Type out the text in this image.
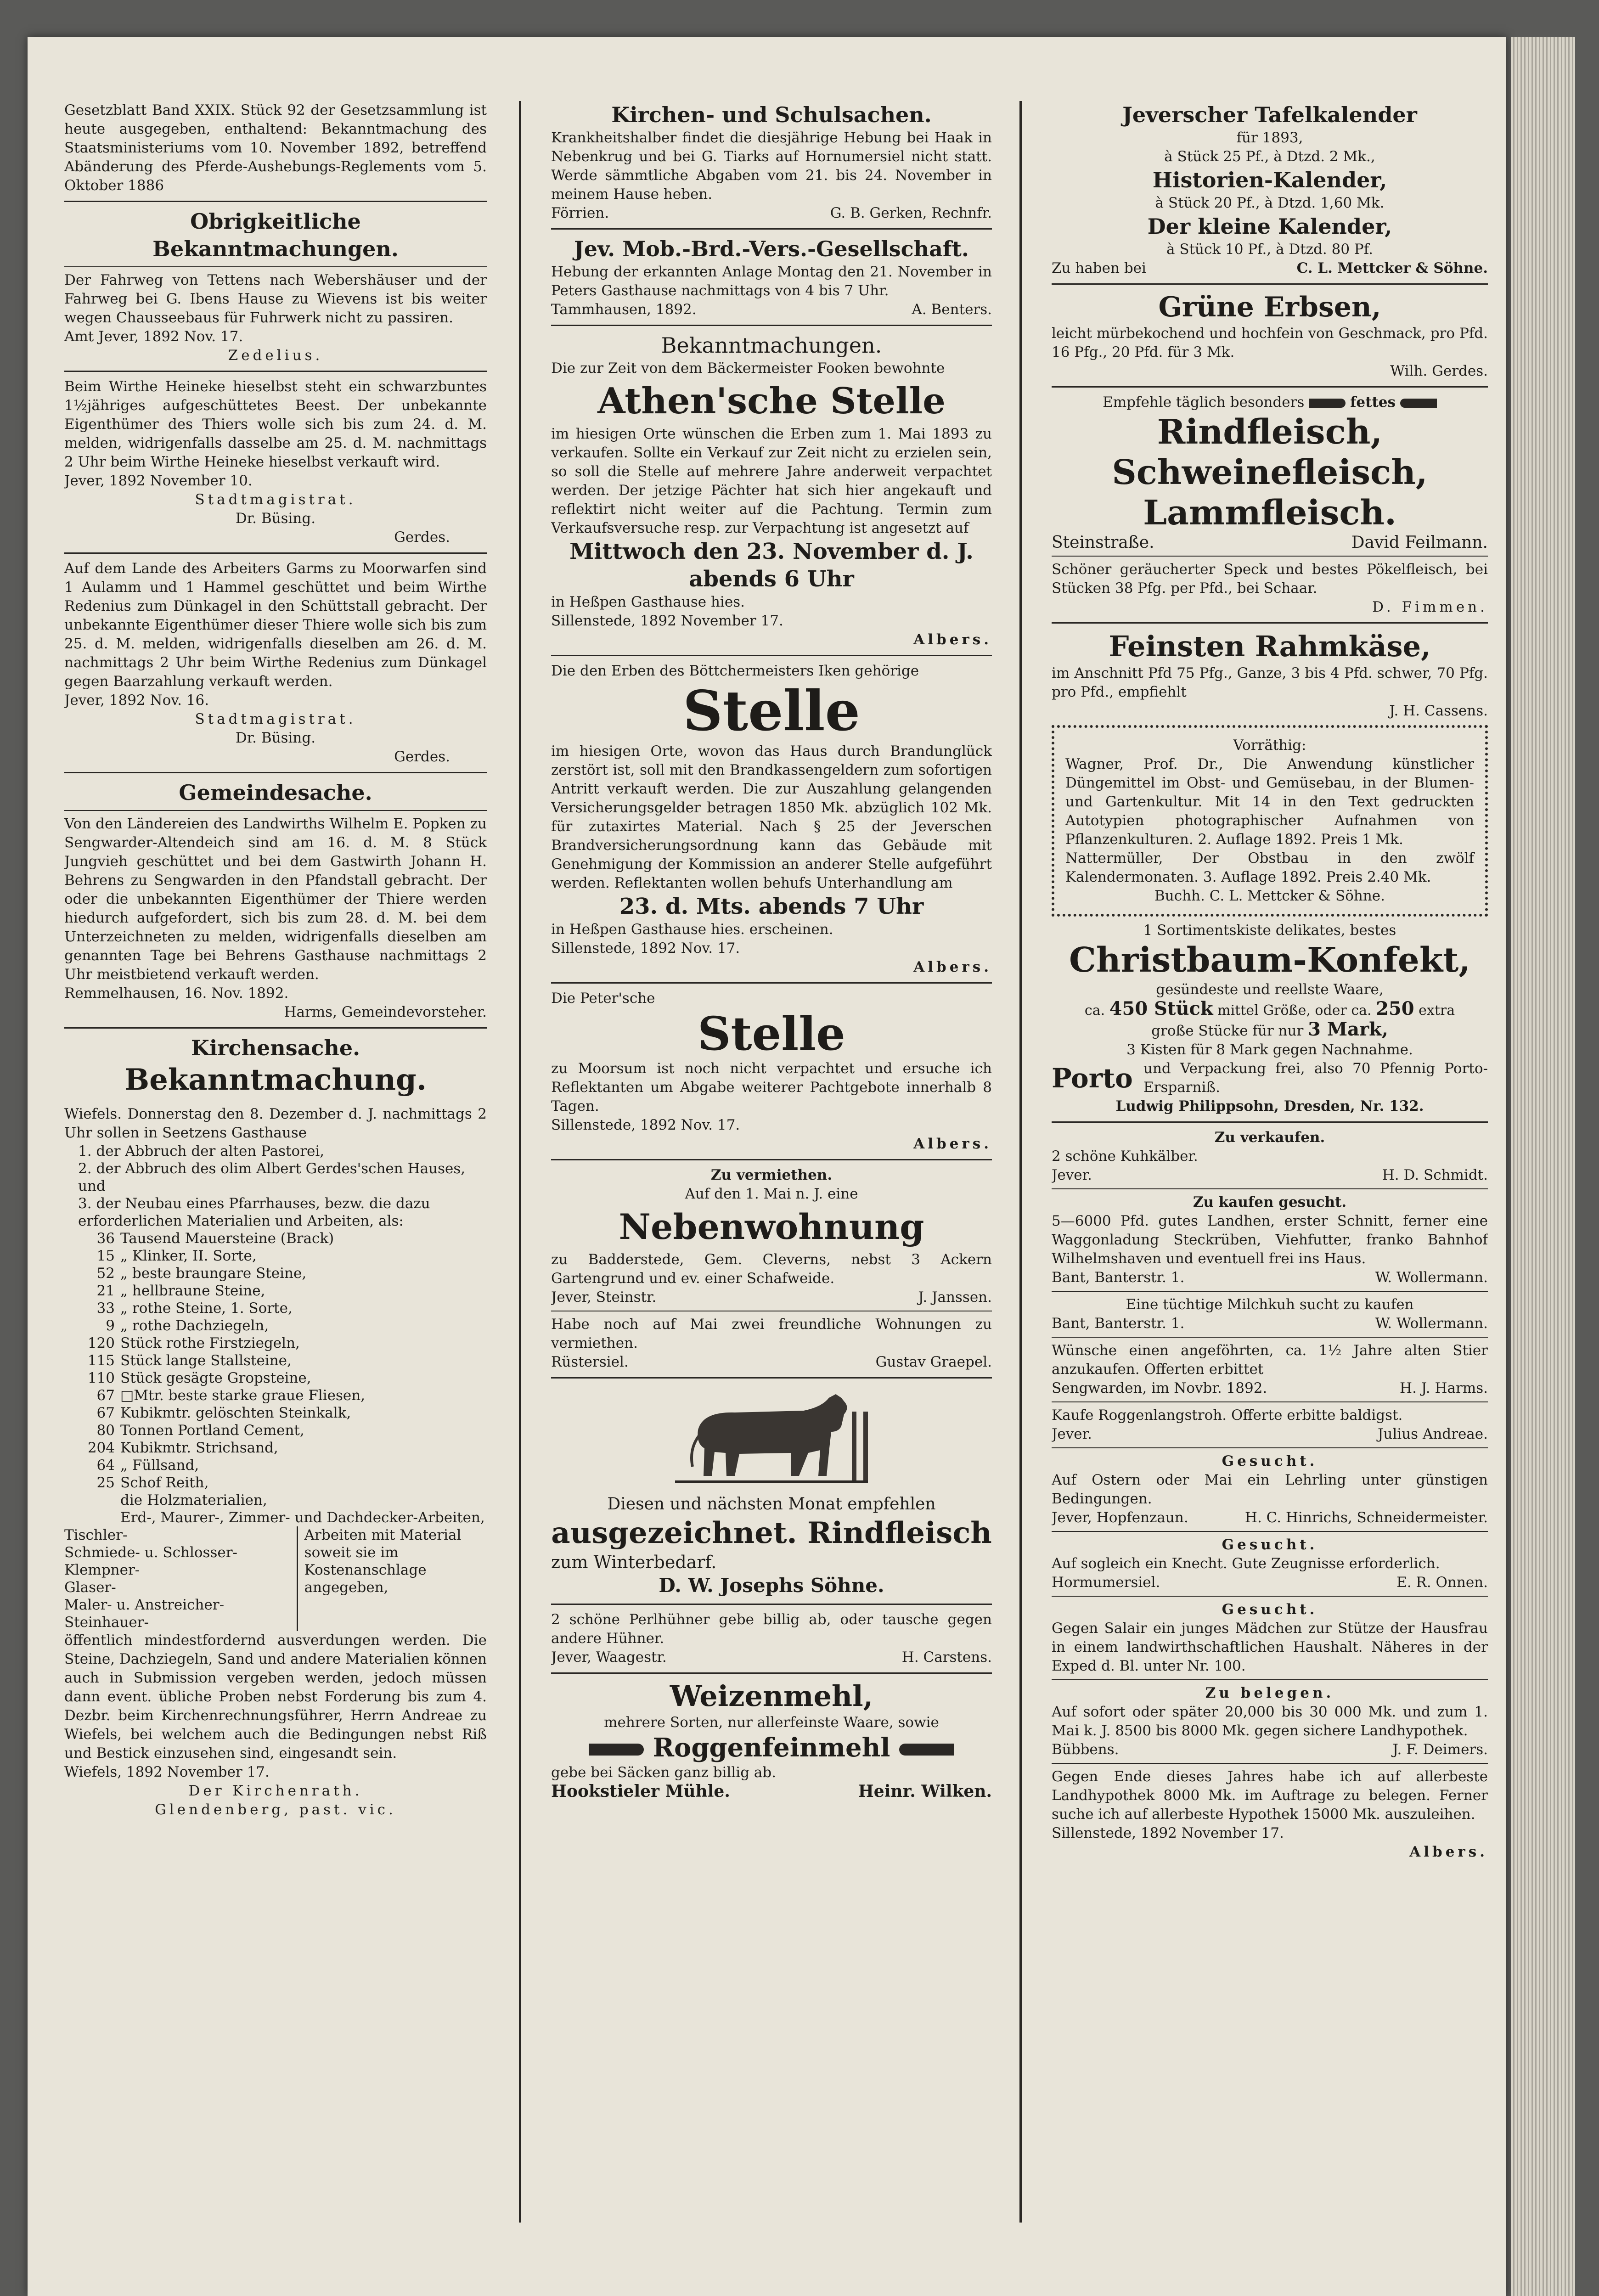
Gesetzblatt Band XXIX. Stück 92 der Gesetzsammlung ist heute ausgegeben, enthaltend: Bekanntmachung des Staatsministeriums vom 10. November 1892, betreffend Abänderung des Pferde-Aushebungs-Reglements vom 5. Oktober 1886

Obrigkeitliche Bekanntmachungen.

Der Fahrweg von Tettens nach Webershäuser und der Fahrweg bei G. Ibens Hause zu Wievens ist bis weiter wegen Chausseebaus für Fuhrwerk nicht zu passiren.

Amt Jever, 1892 Nov. 17.

Zedelius.

Beim Wirthe Heineke hieselbst steht ein schwarzbuntes 1½jähriges aufgeschüttetes Beest. Der unbekannte Eigenthümer des Thiers wolle sich bis zum 24. d. M. melden, widrigenfalls dasselbe am 25. d. M. nachmittags 2 Uhr beim Wirthe Heineke hieselbst verkauft wird.

Jever, 1892 November 10.

Stadtmagistrat.

Dr. Büsing.

Gerdes.

Auf dem Lande des Arbeiters Garms zu Moorwarfen sind 1 Aulamm und 1 Hammel geschüttet und beim Wirthe Redenius zum Dünkagel in den Schüttstall gebracht. Der unbekannte Eigenthümer dieser Thiere wolle sich bis zum 25. d. M. melden, widrigenfalls dieselben am 26. d. M. nachmittags 2 Uhr beim Wirthe Redenius zum Dünkagel gegen Baarzahlung verkauft werden.

Jever, 1892 Nov. 16.

Stadtmagistrat.

Dr. Büsing.

Gerdes.

Gemeindesache.

Von den Ländereien des Landwirths Wilhelm E. Popken zu Sengwarder-Altendeich sind am 16. d. M. 8 Stück Jungvieh geschüttet und bei dem Gastwirth Johann H. Behrens zu Sengwarden in den Pfandstall gebracht. Der oder die unbekannten Eigenthümer der Thiere werden hiedurch aufgefordert, sich bis zum 28. d. M. bei dem Unterzeichneten zu melden, widrigenfalls dieselben am genannten Tage bei Behrens Gasthause nachmittags 2 Uhr meistbietend verkauft werden.

Remmelhausen, 16. Nov. 1892.

Harms, Gemeindevorsteher.

Kirchensache.

Bekanntmachung.

Wiefels. Donnerstag den 8. Dezember d. J. nachmittags 2 Uhr sollen in Seetzens Gasthause

1. der Abbruch der alten Pastorei,
2. der Abbruch des olim Albert Gerdes'schen Hauses, und
3. der Neubau eines Pfarrhauses, bezw. die dazu erforderlichen Materialien und Arbeiten, als:
36 Tausend Mauersteine (Brack)
15 „ Klinker, II. Sorte,
52 „ beste braungare Steine,
21 „ hellbraune Steine,
33 „ rothe Steine, 1. Sorte,
9 „ rothe Dachziegeln,
120 Stück rothe Firstziegeln,
115 Stück lange Stallsteine,
110 Stück gesägte Gropsteine,
67 □Mtr. beste starke graue Fliesen,
67 Kubikmtr. gelöschten Steinkalk,
80 Tonnen Portland Cement,
204 Kubikmtr. Strichsand,
64 „ Füllsand,
25 Schof Reith,
die Holzmaterialien,
Erd-, Maurer-, Zimmer- und Dachdecker-Arbeiten,
Tischler-
Schmiede- u. Schlosser-
Klempner-
Glaser-
Maler- u. Anstreicher-
Steinhauer-
Arbeiten mit Material soweit sie im Kostenanschlage angegeben,

öffentlich mindestfordernd ausverdungen werden. Die Steine, Dachziegeln, Sand und andere Materialien können auch in Submission vergeben werden, jedoch müssen dann event. übliche Proben nebst Forderung bis zum 4. Dezbr. beim Kirchenrechnungsführer, Herrn Andreae zu Wiefels, bei welchem auch die Bedingungen nebst Riß und Bestick einzusehen sind, eingesandt sein.

Wiefels, 1892 November 17.

Der Kirchenrath.

Glendenberg, past. vic.

Kirchen- und Schulsachen.

Krankheitshalber findet die diesjährige Hebung bei Haak in Nebenkrug und bei G. Tiarks auf Hornumersiel nicht statt. Werde sämmtliche Abgaben vom 21. bis 24. November in meinem Hause heben.

Förrien.	G. B. Gerken, Rechnfr.

Jev. Mob.-Brd.-Vers.-Gesellschaft.

Hebung der erkannten Anlage Montag den 21. November in Peters Gasthause nachmittags von 4 bis 7 Uhr.

Tammhausen, 1892.	A. Benters.

Bekanntmachungen.

Die zur Zeit von dem Bäckermeister Fooken bewohnte

Athen'sche Stelle

im hiesigen Orte wünschen die Erben zum 1. Mai 1893 zu verkaufen. Sollte ein Verkauf zur Zeit nicht zu erzielen sein, so soll die Stelle auf mehrere Jahre anderweit verpachtet werden. Der jetzige Pächter hat sich hier angekauft und reflektirt nicht weiter auf die Pachtung. Termin zum Verkaufsversuche resp. zur Verpachtung ist angesetzt auf

Mittwoch den 23. November d. J. abends 6 Uhr

in Heßpen Gasthause hies.

Sillenstede, 1892 November 17.

Albers.

Die den Erben des Böttchermeisters Iken gehörige

Stelle

im hiesigen Orte, wovon das Haus durch Brandunglück zerstört ist, soll mit den Brandkassengeldern zum sofortigen Antritt verkauft werden. Die zur Auszahlung gelangenden Versicherungsgelder betragen 1850 Mk. abzüglich 102 Mk. für zutaxirtes Material. Nach § 25 der Jeverschen Brandversicherungsordnung kann das Gebäude mit Genehmigung der Kommission an anderer Stelle aufgeführt werden. Reflektanten wollen behufs Unterhandlung am

23. d. Mts. abends 7 Uhr

in Heßpen Gasthause hies. erscheinen.

Sillenstede, 1892 Nov. 17.

Albers.

Die Peter'sche

Stelle

zu Moorsum ist noch nicht verpachtet und ersuche ich Reflektanten um Abgabe weiterer Pachtgebote innerhalb 8 Tagen.

Sillenstede, 1892 Nov. 17.

Albers.

Zu vermiethen.

Auf den 1. Mai n. J. eine

Nebenwohnung

zu Badderstede, Gem. Cleverns, nebst 3 Ackern Gartengrund und ev. einer Schafweide.

Jever, Steinstr.	J. Janssen.

Habe noch auf Mai zwei freundliche Wohnungen zu vermiethen.

Rüstersiel.	Gustav Graepel.

Diesen und nächsten Monat empfehlen

ausgezeichnet. Rindfleisch

zum Winterbedarf.

D. W. Josephs Söhne.

2 schöne Perlhühner gebe billig ab, oder tausche gegen andere Hühner.

Jever, Waagestr.	H. Carstens.

Weizenmehl,

mehrere Sorten, nur allerfeinste Waare, sowie

Roggenfeinmehl

gebe bei Säcken ganz billig ab.

Hookstieler Mühle.	Heinr. Wilken.

Jeverscher Tafelkalender

für 1893,

à Stück 25 Pf., à Dtzd. 2 Mk.,

Historien-Kalender,

à Stück 20 Pf., à Dtzd. 1,60 Mk.

Der kleine Kalender,

à Stück 10 Pf., à Dtzd. 80 Pf.

Zu haben bei	C. L. Mettcker & Söhne.

Grüne Erbsen,

leicht mürbekochend und hochfein von Geschmack, pro Pfd. 16 Pfg., 20 Pfd. für 3 Mk.

Wilh. Gerdes.

Empfehle täglich besonders	fettes

Rindfleisch,

Schweinefleisch,

Lammfleisch.

Steinstraße.	David Feilmann.

Schöner geräucherter Speck und bestes Pökelfleisch, bei Stücken 38 Pfg. per Pfd., bei Schaar.

D. Fimmen.

Feinsten Rahmkäse,

im Anschnitt Pfd 75 Pfg., Ganze, 3 bis 4 Pfd. schwer, 70 Pfg. pro Pfd., empfiehlt

J. H. Cassens.

Vorräthig:

Wagner, Prof. Dr., Die Anwendung künstlicher Düngemittel im Obst- und Gemüsebau, in der Blumen- und Gartenkultur. Mit 14 in den Text gedruckten Autotypien photographischer Aufnahmen von Pflanzenkulturen. 2. Auflage 1892. Preis 1 Mk.

Nattermüller, Der Obstbau in den zwölf Kalendermonaten. 3. Auflage 1892. Preis 2.40 Mk.

Buchh. C. L. Mettcker & Söhne.

1 Sortimentskiste delikates, bestes

Christbaum-Konfekt,

gesündeste und reellste Waare,

ca. 450 Stück mittel Größe, oder ca. 250 extra

große Stücke für nur 3 Mark,

3 Kisten für 8 Mark gegen Nachnahme.

Porto und Verpackung frei, also 70 Pfennig Porto-Ersparniß.

Ludwig Philippsohn, Dresden, Nr. 132.

Zu verkaufen.

2 schöne Kuhkälber.

Jever.	H. D. Schmidt.

Zu kaufen gesucht.

5—6000 Pfd. gutes Landhen, erster Schnitt, ferner eine Waggonladung Steckrüben, Viehfutter, franko Bahnhof Wilhelmshaven und eventuell frei ins Haus.

Bant, Banterstr. 1.	W. Wollermann.

Eine tüchtige Milchkuh sucht zu kaufen

Bant, Banterstr. 1.	W. Wollermann.

Wünsche einen angeföhrten, ca. 1½ Jahre alten Stier anzukaufen. Offerten erbittet

Sengwarden, im Novbr. 1892.	H. J. Harms.

Kaufe Roggenlangstroh. Offerte erbitte baldigst.

Jever.	Julius Andreae.

Gesucht.

Auf Ostern oder Mai ein Lehrling unter günstigen Bedingungen.

Jever, Hopfenzaun.	H. C. Hinrichs, Schneidermeister.

Gesucht.

Auf sogleich ein Knecht. Gute Zeugnisse erforderlich.

Hormumersiel.	E. R. Onnen.

Gesucht.

Gegen Salair ein junges Mädchen zur Stütze der Hausfrau in einem landwirthschaftlichen Haushalt. Näheres in der Exped d. Bl. unter Nr. 100.

Zu belegen.

Auf sofort oder später 20,000 bis 30 000 Mk. und zum 1. Mai k. J. 8500 bis 8000 Mk. gegen sichere Landhypothek.

Bübbens.	J. F. Deimers.

Gegen Ende dieses Jahres habe ich auf allerbeste Landhypothek 8000 Mk. im Auftrage zu belegen. Ferner suche ich auf allerbeste Hypothek 15000 Mk. auszuleihen.

Sillenstede, 1892 November 17.

Albers.
